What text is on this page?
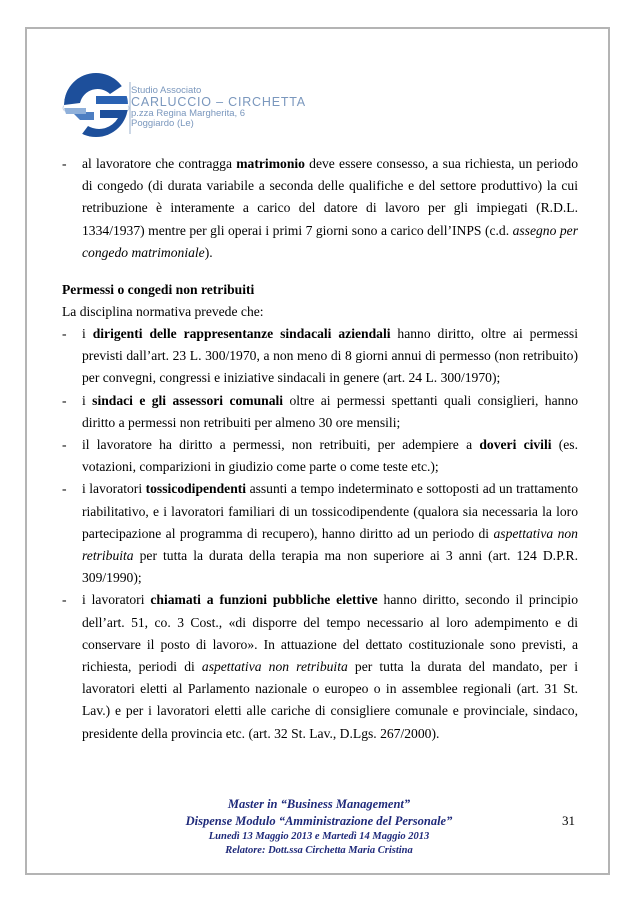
Studio Associato
CARLUCCIO – CIRCHETTA
p.zza Regina Margherita, 6
Poggiardo (Le)
- al lavoratore che contragga matrimonio deve essere consesso, a sua richiesta, un periodo di congedo (di durata variabile a seconda delle qualifiche e del settore produttivo) la cui retribuzione è interamente a carico del datore di lavoro per gli impiegati (R.D.L. 1334/1937) mentre per gli operai i primi 7 giorni sono a carico dell’INPS (c.d. assegno per congedo matrimoniale).
Permessi o congedi non retribuiti
La disciplina normativa prevede che:
- i dirigenti delle rappresentanze sindacali aziendali hanno diritto, oltre ai permessi previsti dall’art. 23 L. 300/1970, a non meno di 8 giorni annui di permesso (non retribuito) per convegni, congressi e iniziative sindacali in genere (art. 24 L. 300/1970);
- i sindaci e gli assessori comunali oltre ai permessi spettanti quali consiglieri, hanno diritto a permessi non retribuiti per almeno 30 ore mensili;
- il lavoratore ha diritto a permessi, non retribuiti, per adempiere a doveri civili (es. votazioni, comparizioni in giudizio come parte o come teste etc.);
- i lavoratori tossicodipendenti assunti a tempo indeterminato e sottoposti ad un trattamento riabilitativo, e i lavoratori familiari di un tossicodipendente (qualora sia necessaria la loro partecipazione al programma di recupero), hanno diritto ad un periodo di aspettativa non retribuita per tutta la durata della terapia ma non superiore ai 3 anni (art. 124 D.P.R. 309/1990);
- i lavoratori chiamati a funzioni pubbliche elettive hanno diritto, secondo il principio dell’art. 51, co. 3 Cost., «di disporre del tempo necessario al loro adempimento e di conservare il posto di lavoro». In attuazione del dettato costituzionale sono previsti, a richiesta, periodi di aspettativa non retribuita per tutta la durata del mandato, per i lavoratori eletti al Parlamento nazionale o europeo o in assemblee regionali (art. 31 St. Lav.) e per i lavoratori eletti alle cariche di consigliere comunale e provinciale, sindaco, presidente della provincia etc. (art. 32 St. Lav., D.Lgs. 267/2000).
Master in “Business Management”
Dispense Modulo “Amministrazione del Personale”
Lunedì 13 Maggio 2013 e Martedì 14 Maggio 2013
Relatore: Dott.ssa Circhetta Maria Cristina
31
